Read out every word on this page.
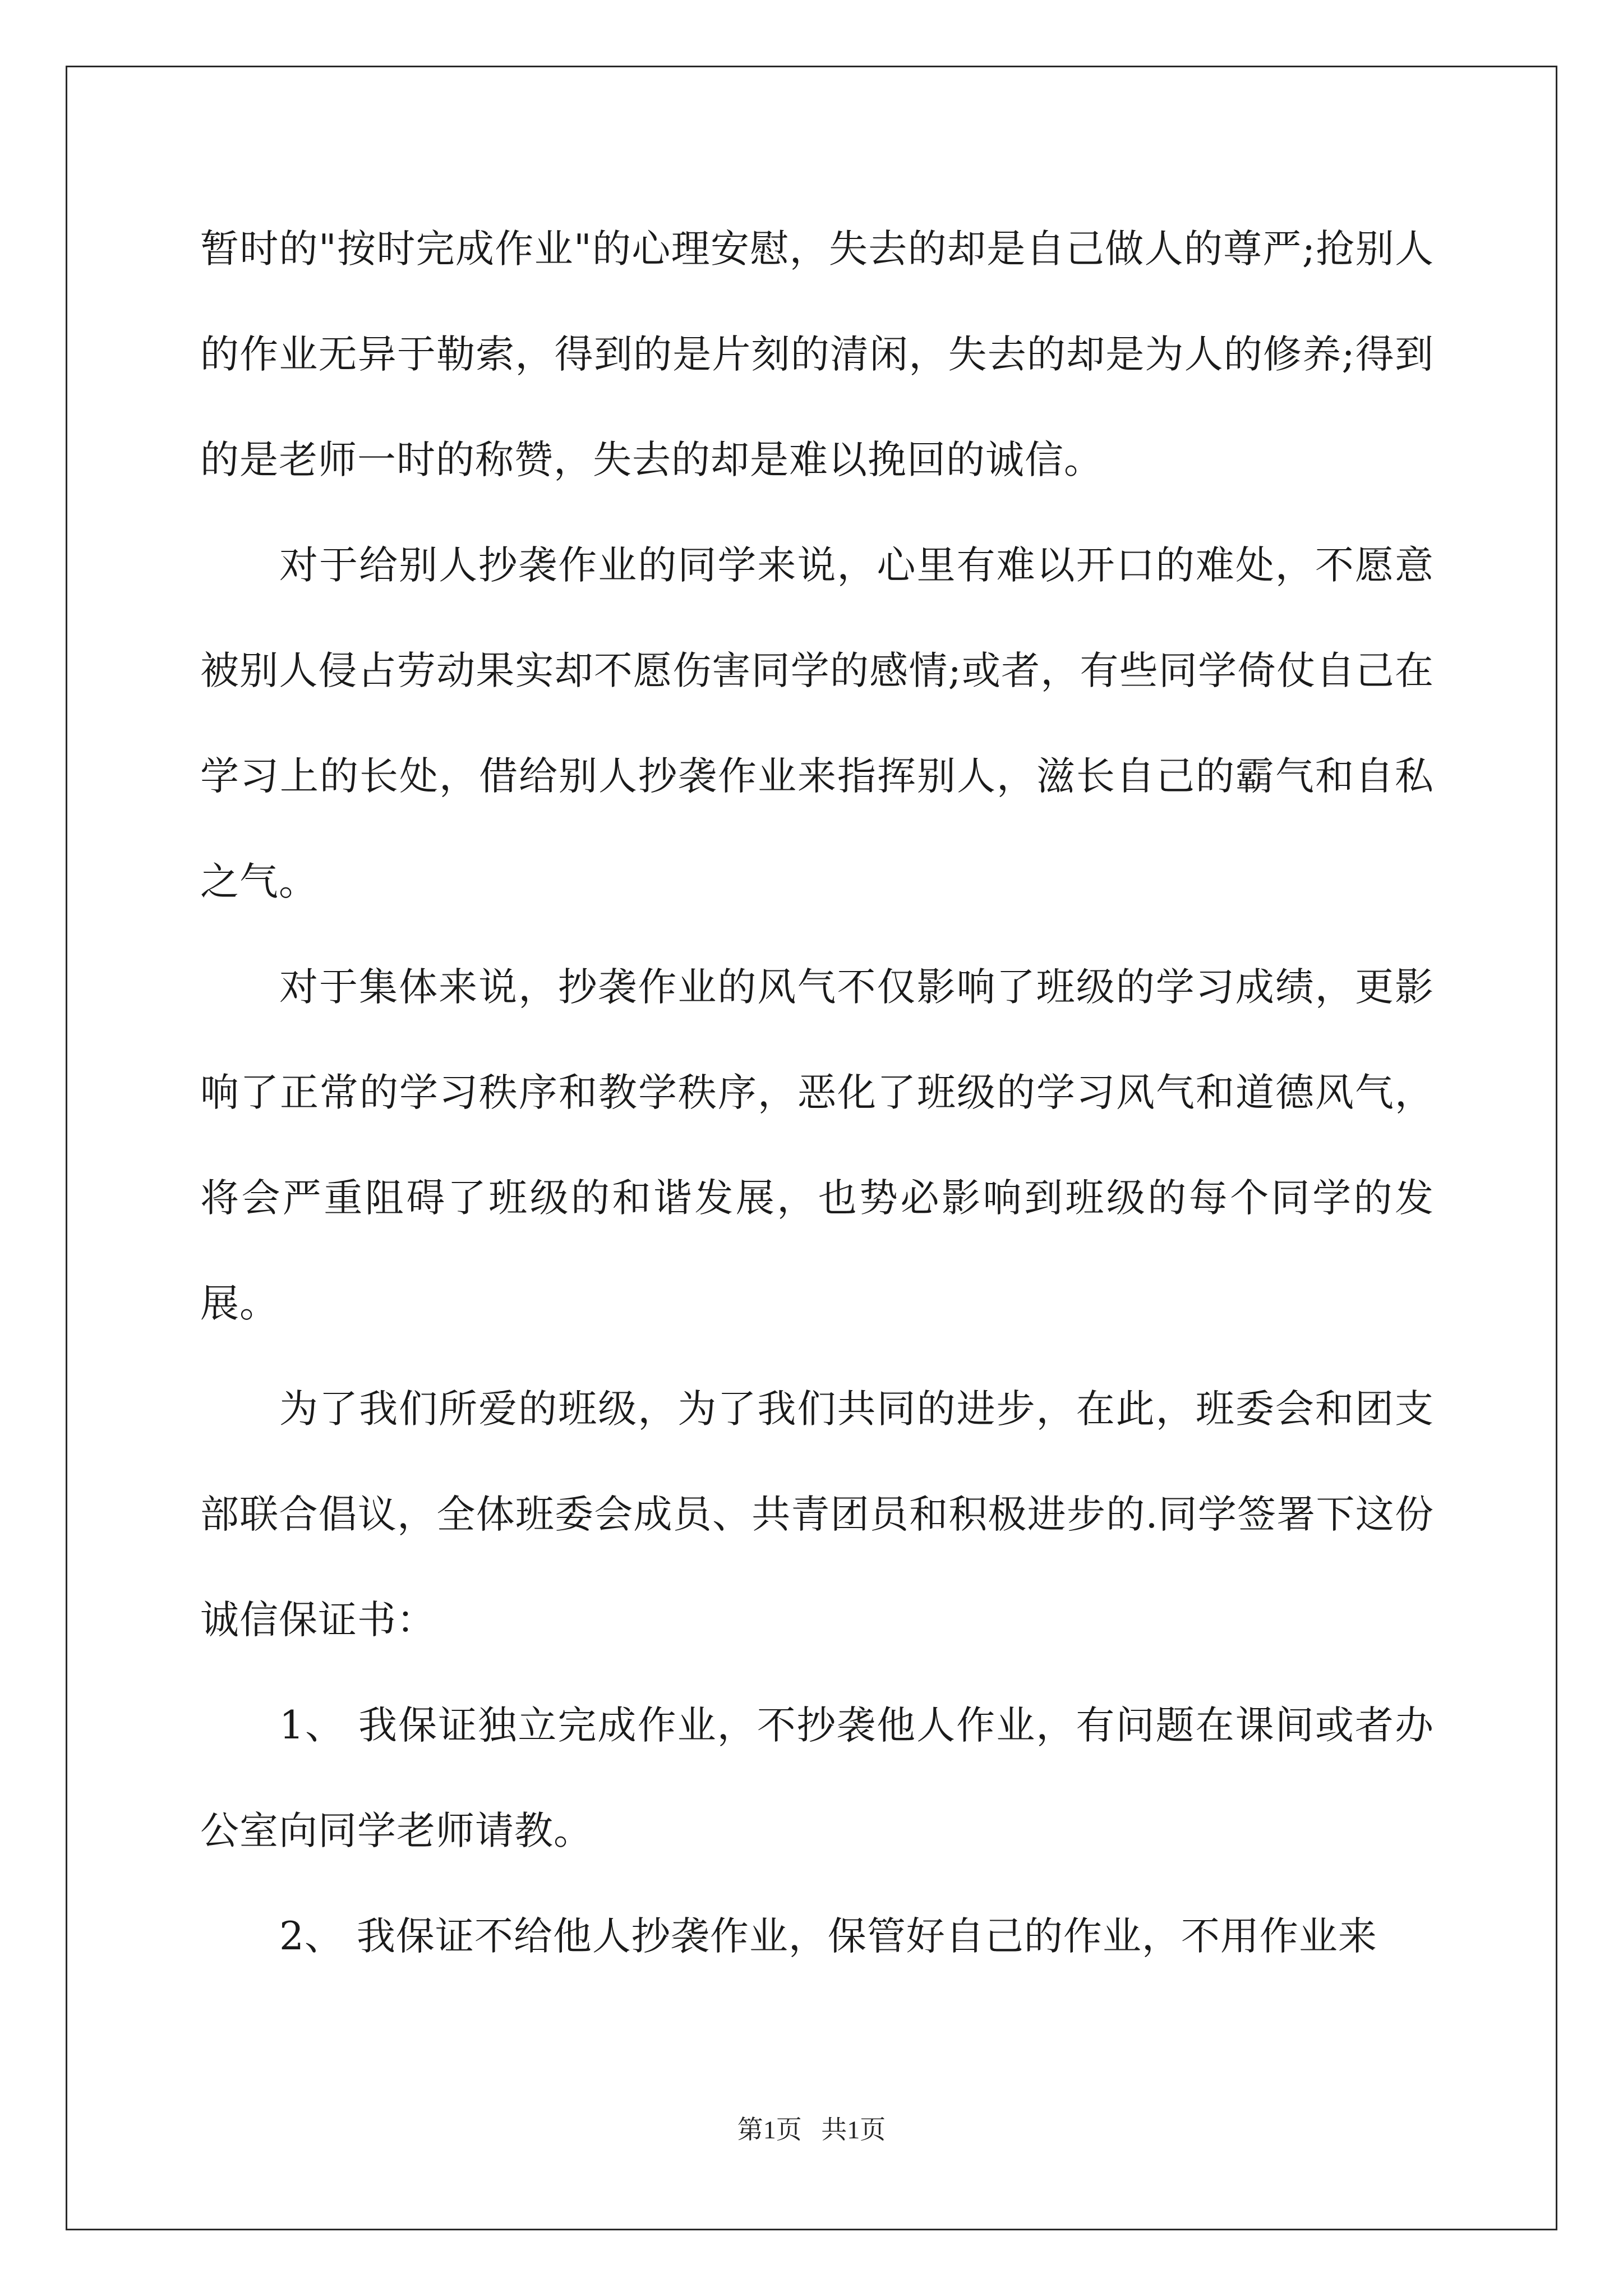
暂时的"按时完成作业"的心理安慰，失去的却是自己做人的尊严;抢别人的作业无异于勒索，得到的是片刻的清闲，失去的却是为人的修养;得到的是老师一时的称赞，失去的却是难以挽回的诚信。

对于给别人抄袭作业的同学来说，心里有难以开口的难处，不愿意被别人侵占劳动果实却不愿伤害同学的感情;或者，有些同学倚仗自己在学习上的长处，借给别人抄袭作业来指挥别人，滋长自己的霸气和自私之气。

对于集体来说，抄袭作业的风气不仅影响了班级的学习成绩，更影响了正常的学习秩序和教学秩序，恶化了班级的学习风气和道德风气，将会严重阻碍了班级的和谐发展，也势必影响到班级的每个同学的发展。

为了我们所爱的班级，为了我们共同的进步，在此，班委会和团支部联合倡议，全体班委会成员、共青团员和积极进步的.同学签署下这份诚信保证书：

1、 我保证独立完成作业，不抄袭他人作业，有问题在课间或者办公室向同学老师请教。

2、 我保证不给他人抄袭作业，保管好自己的作业，不用作业来

第1页   共1页
